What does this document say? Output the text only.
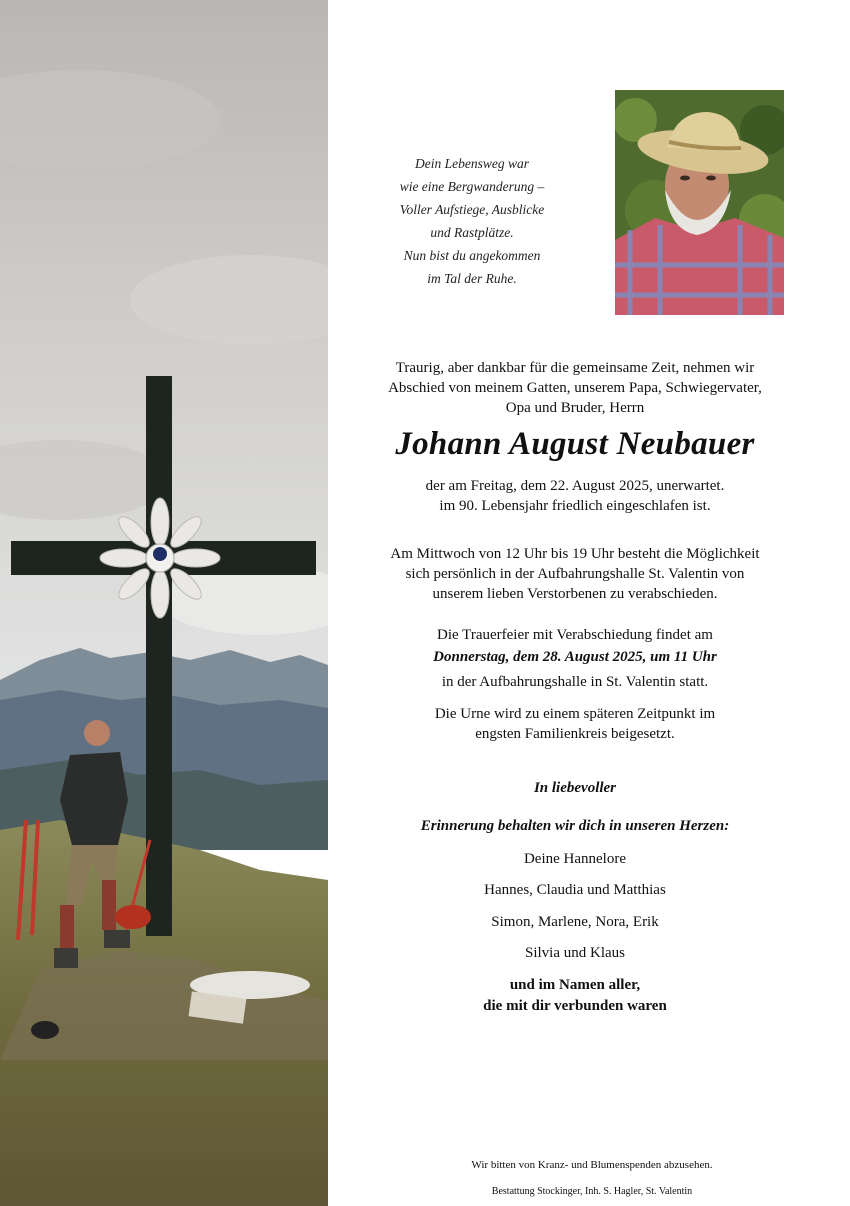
Dein Lebensweg war
wie eine Bergwanderung –
Voller Aufstiege, Ausblicke
und Rastplätze.
Nun bist du angekommen
im Tal der Ruhe.
Traurig, aber dankbar für die gemeinsame Zeit, nehmen wir
Abschied von meinem Gatten, unserem Papa, Schwiegervater,
Opa und Bruder, Herrn
Johann August Neubauer
der am Freitag, dem 22. August 2025, unerwartet.
im 90. Lebensjahr friedlich eingeschlafen ist.
Am Mittwoch von 12 Uhr bis 19 Uhr besteht die Möglichkeit
sich persönlich in der Aufbahrungshalle St. Valentin von
unserem lieben Verstorbenen zu verabschieden.
Die Trauerfeier mit Verabschiedung findet am
Donnerstag, dem 28. August 2025, um 11 Uhr
in der Aufbahrungshalle in St. Valentin statt.
Die Urne wird zu einem späteren Zeitpunkt im
engsten Familienkreis beigesetzt.
In liebevoller
Erinnerung behalten wir dich in unseren Herzen:
Deine Hannelore
Hannes, Claudia und Matthias
Simon, Marlene, Nora, Erik
Silvia und Klaus
und im Namen aller,
die mit dir verbunden waren
Wir bitten von Kranz- und Blumenspenden abzusehen.
Bestattung Stockinger, Inh. S. Hagler, St. Valentin
